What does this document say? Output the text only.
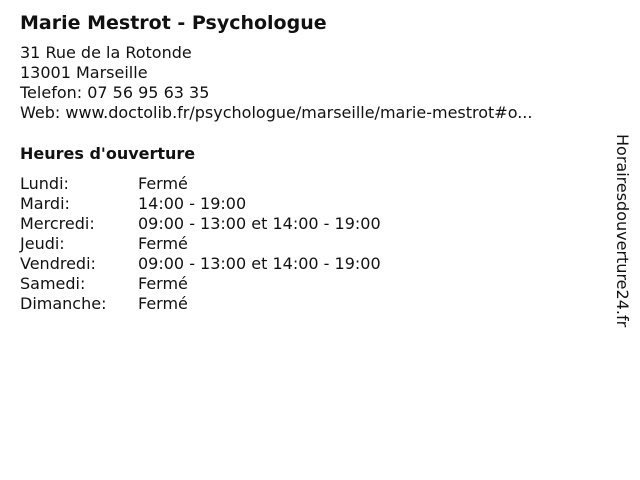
Marie Mestrot - Psychologue
31 Rue de la Rotonde
13001 Marseille
Telefon: 07 56 95 63 35
Web: www.doctolib.fr/psychologue/marseille/marie-mestrot#o...
Heures d'ouverture
Lundi:	Fermé
Mardi:	14:00 - 19:00
Mercredi:	09:00 - 13:00 et 14:00 - 19:00
Jeudi:	Fermé
Vendredi:	09:00 - 13:00 et 14:00 - 19:00
Samedi:	Fermé
Dimanche:	Fermé	Horairesdouverture24.fr
